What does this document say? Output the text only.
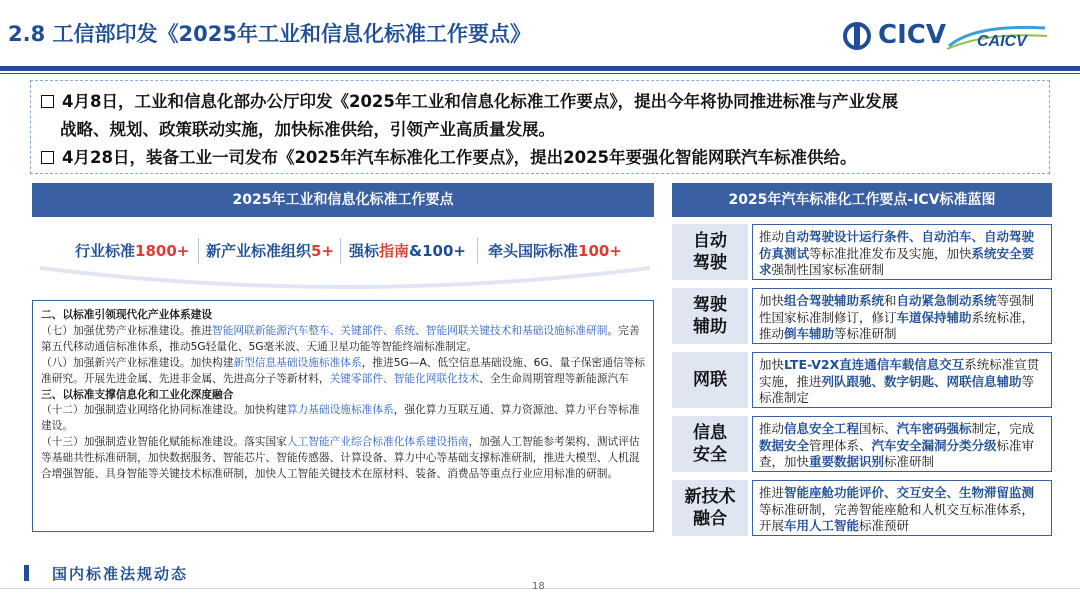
2.8 工信部印发《2025年工业和信息化标准工作要点》	CICV CAICV
4月8日，工业和信息化部办公厅印发《2025年工业和信息化标准工作要点》，提出今年将协同推进标准与产业发展
战略、规划、政策联动实施，加快标准供给，引领产业高质量发展。
4月28日，装备工业一司发布《2025年汽车标准化工作要点》，提出2025年要强化智能网联汽车标准供给。
2025年工业和信息化标准工作要点
行业标准1800+ 新产业标准组织5+ 强标指南&100+ 牵头国际标准100+

二、以标准引领现代化产业体系建设

（七）加强优势产业标准建设。推进智能网联新能源汽车整车、关键部件、系统、智能网联关键技术和基础设施标准研制。完善第五代移动通信标准体系，推动5G轻量化、5G毫米波、天通卫星功能等智能终端标准制定。

（八）加强新兴产业标准建设。加快构建新型信息基础设施标准体系，推进5G—A、低空信息基础设施、6G、量子保密通信等标准研究。开展先进金属、先进非金属、先进高分子等新材料，关键零部件、智能化网联化技术、全生命周期管理等新能源汽车

三、以标准支撑信息化和工业化深度融合

（十二）加强制造业网络化协同标准建设。加快构建算力基础设施标准体系，强化算力互联互通、算力资源池、算力平台等标准建设。

（十三）加强制造业智能化赋能标准建设。落实国家人工智能产业综合标准化体系建设指南，加强人工智能参考架构、测试评估等基础共性标准研制，加快数据服务、智能芯片、智能传感器、计算设备、算力中心等基础支撑标准研制，推进大模型、人机混合增强智能、具身智能等关键技术标准研制，加快人工智能关键技术在原材料、装备、消费品等重点行业应用标准的研制。

2025年汽车标准化工作要点-ICV标准蓝图
自动
驾驶
推动自动驾驶设计运行条件、自动泊车、自动驾驶仿真测试等标准批准发布及实施，加快系统安全要求强制性国家标准研制
驾驶
辅助
加快组合驾驶辅助系统和自动紧急制动系统等强制性国家标准制修订，修订车道保持辅助系统标准，推动倒车辅助等标准研制
网联
加快LTE-V2X直连通信车载信息交互系统标准宣贯实施，推进列队跟驰、数字钥匙、网联信息辅助等标准制定
信息
安全
推动信息安全工程国标、汽车密码强标制定，完成数据安全管理体系、汽车安全漏洞分类分级标准审查，加快重要数据识别标准研制
新技术
融合
推进智能座舱功能评价、交互安全、生物滞留监测等标准研制，完善智能座舱和人机交互标准体系，开展车用人工智能标准预研
国内标准法规动态
18
